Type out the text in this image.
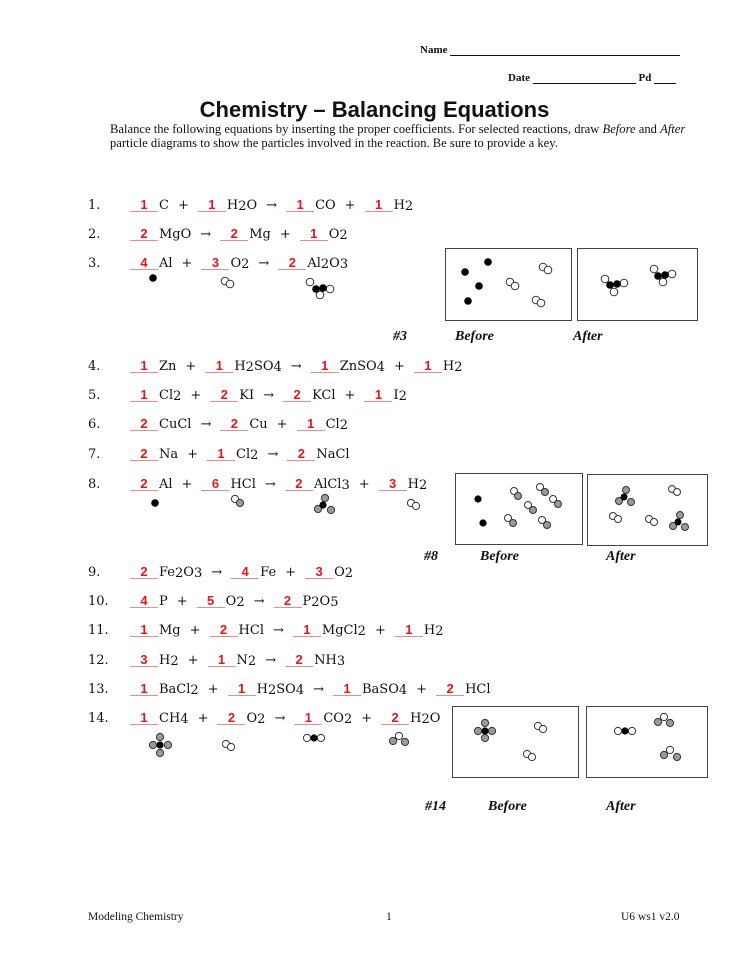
Name
Date	Pd
Chemistry – Balancing Equations
Balance the following equations by inserting the proper coefficients. For selected reactions, draw Before and After particle diagrams to show the particles involved in the reaction. Be sure to provide a key.
1.	1 C + 1 $H_2O \to 1$ CO + 1 $H_2$
2.	2 MgO → 2 Mg + 1 $O_2$
3.	4 Al + 3 $O_2 \to 2$ $Al_2O_3$
4.	1 Zn + 1 $H_2SO_4 \to 1$ ZnSO$_4$ + 1 $H_2$
5.	1 $Cl_2 + 2$ KI → 2 KCl + 1 $I_2$
6.	2 CuCl → 2 Cu + 1 $Cl_2$
7.	2 Na + 1 $Cl_2 \to 2$ NaCl
8.	2 Al + 6 HCl → 2 AlCl$_3$ + 3 $H_2$
9.	2 $Fe_2O_3 \to 4$ Fe + 3 $O_2$
10. 4 P + 5 $O_2 \to 2$ $P_2O_5$
11. 1 Mg + 2 HCl → 1 MgCl$_2$ + 1 $H_2$
12. 3 $H_2 + 1$ $N_2 \to 2$ $NH_3$
13. 1 BaCl$_2$ + 1 $H_2SO_4 \to 1$ BaSO$_4$ + 2 HCl
14. 1 $CH_4 + 2$ $O_2 \to 1$ $CO_2 + 2$ $H_2O$
#3	Before	After
#8	Before	After
#14	Before	After
Modeling Chemistry	1	U6 ws1 v2.0
